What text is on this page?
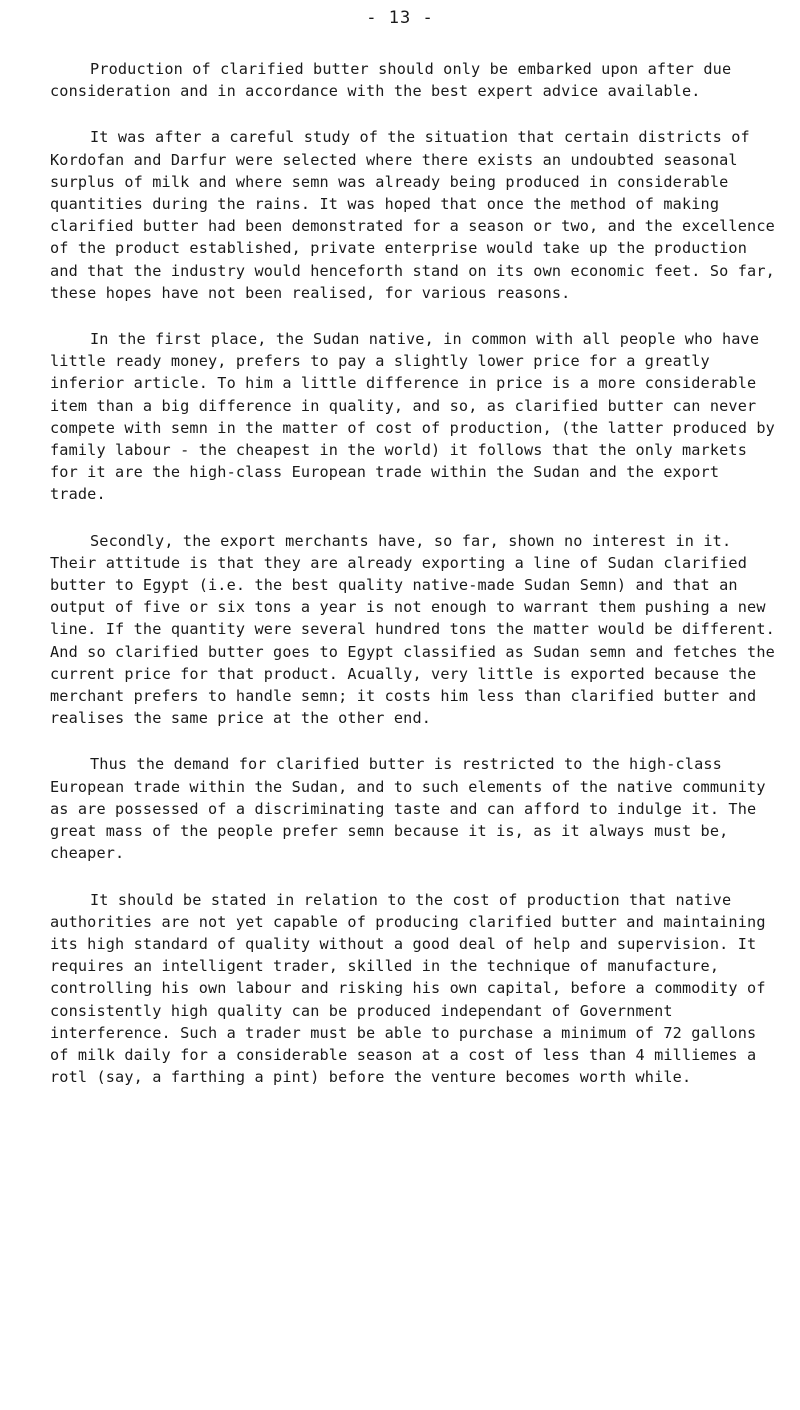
- 13 -

Production of clarified butter should only be embarked upon after due consideration and in accordance with the best expert advice available.

It was after a careful study of the situation that certain districts of Kordofan and Darfur were selected where there exists an undoubted seasonal surplus of milk and where semn was already being produced in considerable quantities during the rains. It was hoped that once the method of making clarified butter had been demonstrated for a season or two, and the excellence of the product established, private enterprise would take up the production and that the industry would henceforth stand on its own economic feet. So far, these hopes have not been realised, for various reasons.

In the first place, the Sudan native, in common with all people who have little ready money, prefers to pay a slightly lower price for a greatly inferior article. To him a little difference in price is a more considerable item than a big difference in quality, and so, as clarified butter can never compete with semn in the matter of cost of production, (the latter produced by family labour - the cheapest in the world) it follows that the only markets for it are the high-class European trade within the Sudan and the export trade.

Secondly, the export merchants have, so far, shown no interest in it. Their attitude is that they are already exporting a line of Sudan clarified butter to Egypt (i.e. the best quality native-made Sudan Semn) and that an output of five or six tons a year is not enough to warrant them pushing a new line. If the quantity were several hundred tons the matter would be different. And so clarified butter goes to Egypt classified as Sudan semn and fetches the current price for that product. Acually, very little is exported because the merchant prefers to handle semn; it costs him less than clarified butter and realises the same price at the other end.

Thus the demand for clarified butter is restricted to the high-class European trade within the Sudan, and to such elements of the native community as are possessed of a discriminating taste and can afford to indulge it. The great mass of the people prefer semn because it is, as it always must be, cheaper.

It should be stated in relation to the cost of production that native authorities are not yet capable of producing clarified butter and maintaining its high standard of quality without a good deal of help and supervision. It requires an intelligent trader, skilled in the technique of manufacture, controlling his own labour and risking his own capital, before a commodity of consistently high quality can be produced independant of Government interference. Such a trader must be able to purchase a minimum of 72 gallons of milk daily for a considerable season at a cost of less than 4 milliemes a rotl (say, a farthing a pint) before the venture becomes worth while.
